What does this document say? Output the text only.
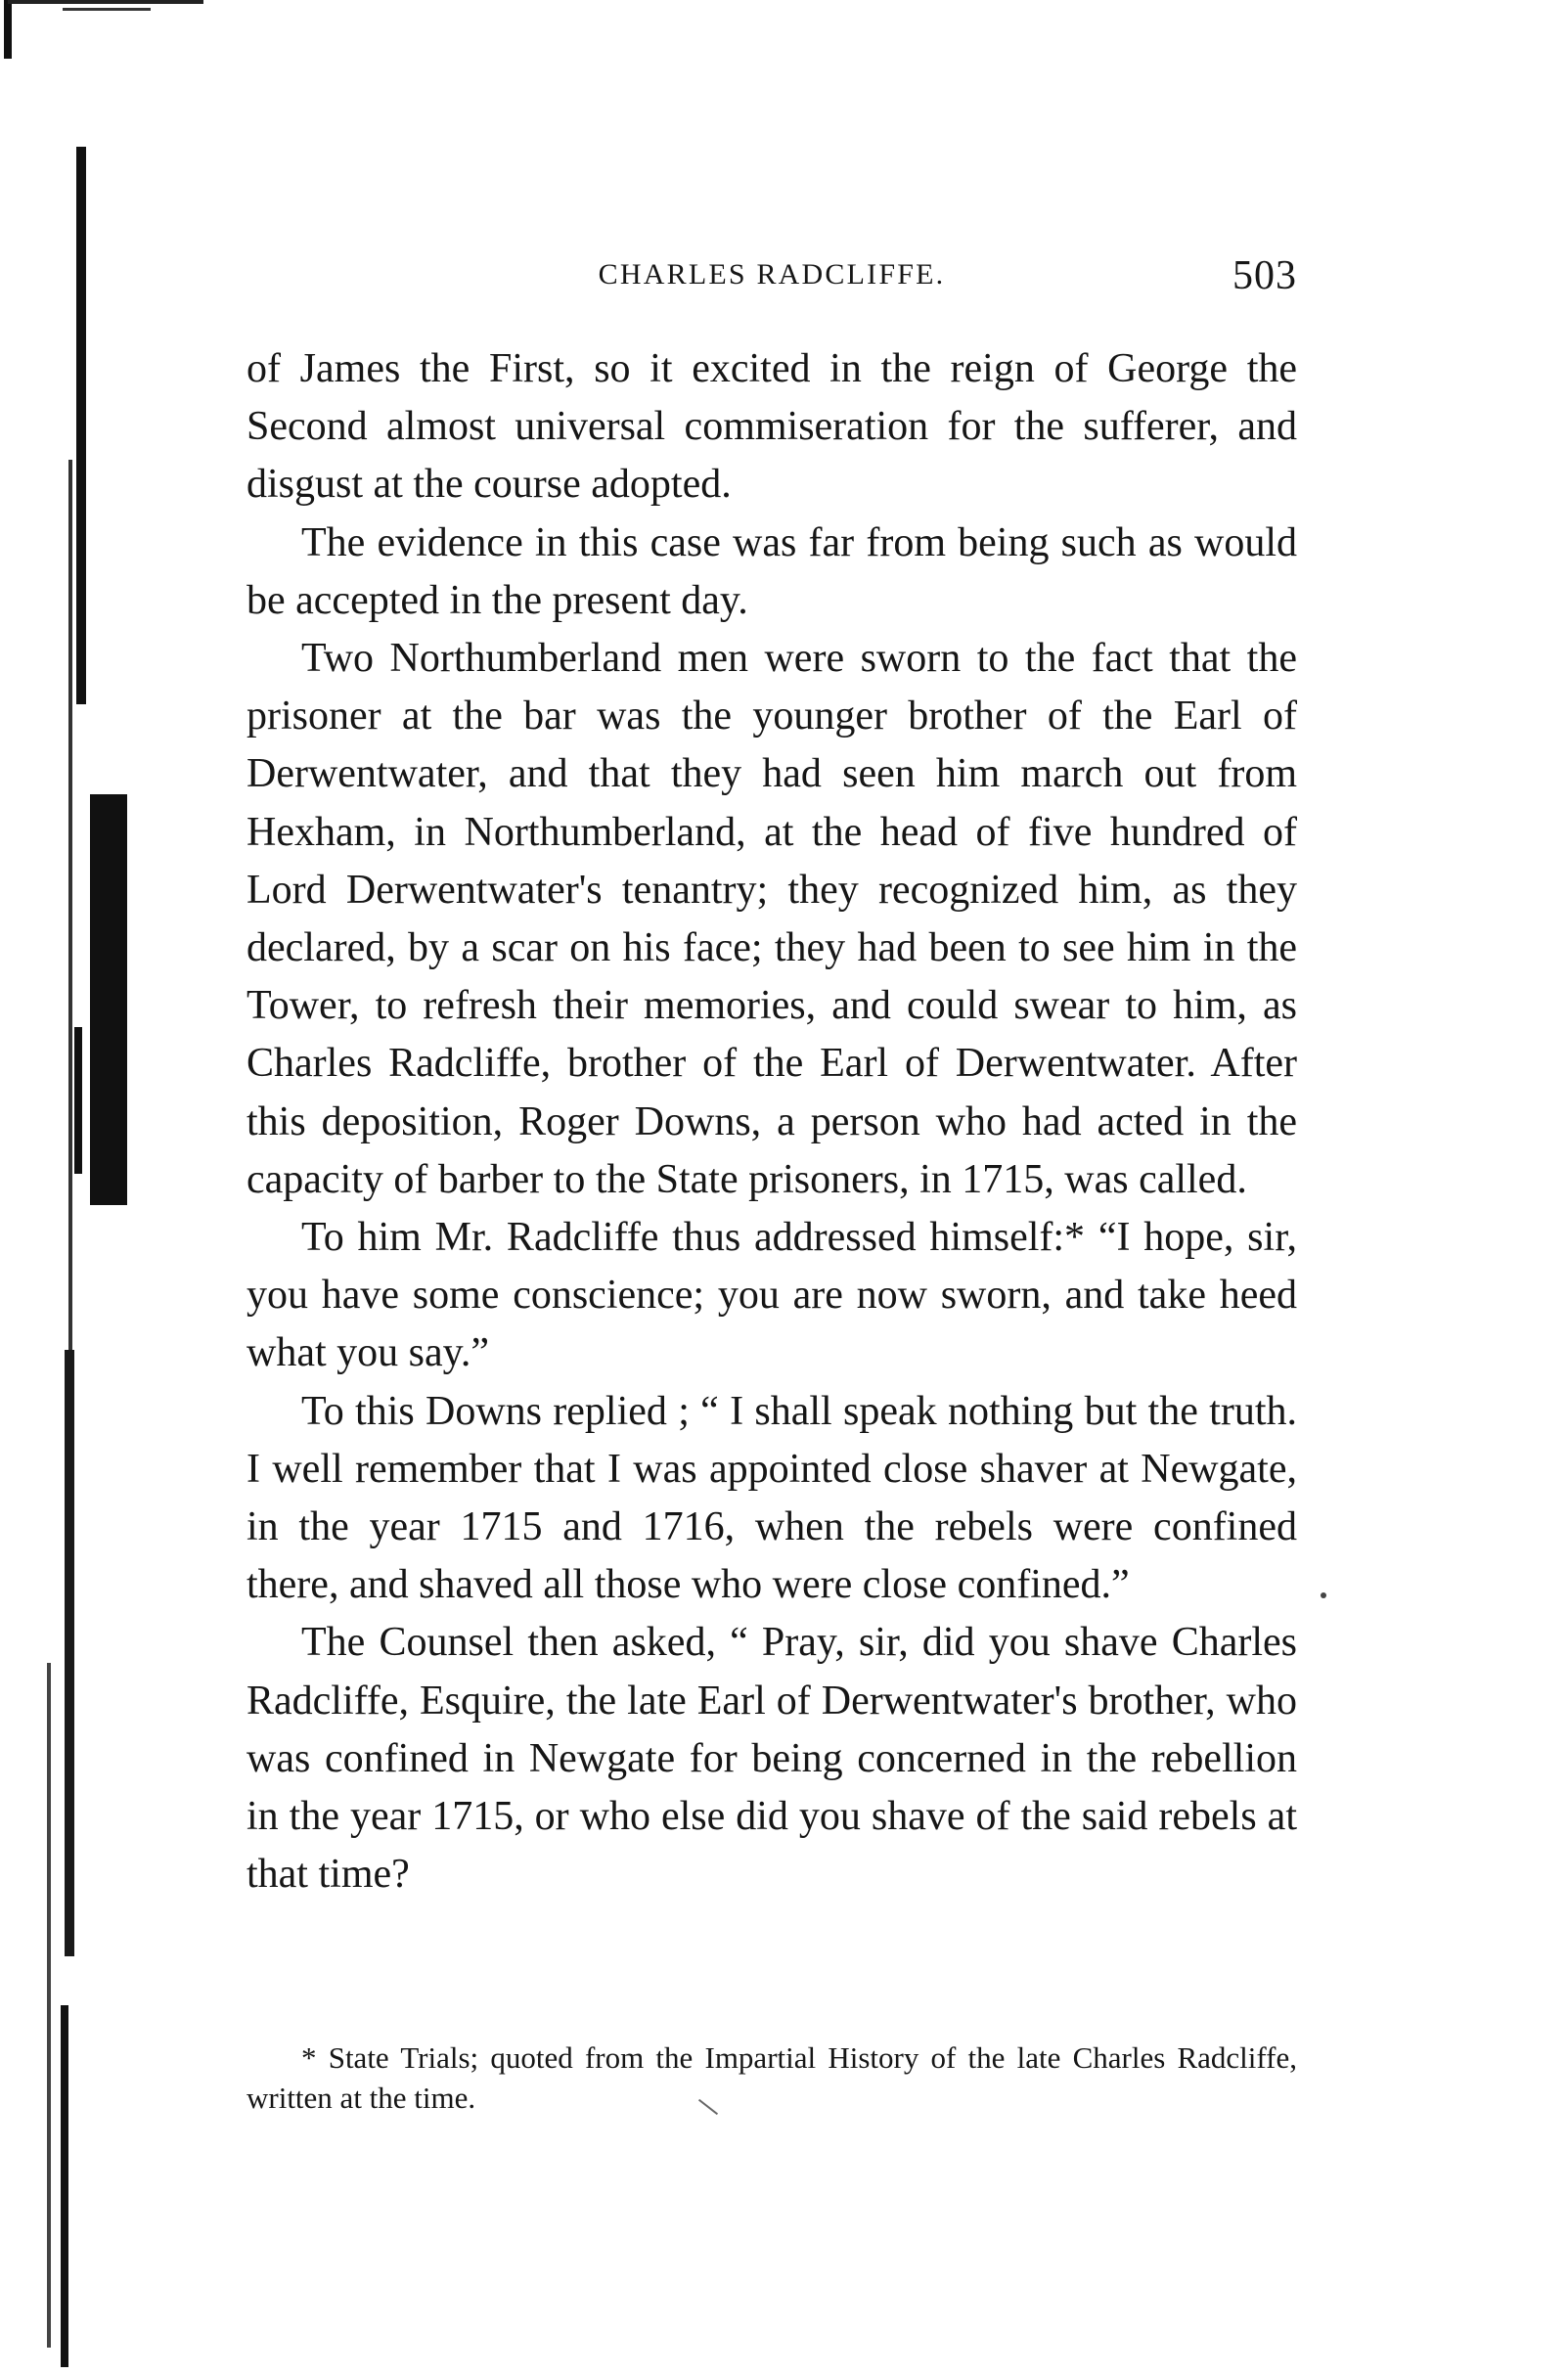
CHARLES RADCLIFFE.	503

of James the First, so it excited in the reign of George the Second almost universal commiseration for the sufferer, and disgust at the course adopted.

The evidence in this case was far from being such as would be accepted in the present day.

Two Northumberland men were sworn to the fact that the prisoner at the bar was the younger brother of the Earl of Derwentwater, and that they had seen him march out from Hexham, in Northumberland, at the head of five hundred of Lord Derwentwater's tenantry; they recognized him, as they declared, by a scar on his face; they had been to see him in the Tower, to refresh their memories, and could swear to him, as Charles Radcliffe, brother of the Earl of Derwentwater. After this deposition, Roger Downs, a person who had acted in the capacity of barber to the State prisoners, in 1715, was called.

To him Mr. Radcliffe thus addressed himself:* “I hope, sir, you have some conscience; you are now sworn, and take heed what you say.”

To this Downs replied ; “ I shall speak nothing but the truth. I well remember that I was appointed close shaver at Newgate, in the year 1715 and 1716, when the rebels were confined there, and shaved all those who were close confined.”

The Counsel then asked, “ Pray, sir, did you shave Charles Radcliffe, Esquire, the late Earl of Derwentwater's brother, who was confined in Newgate for being concerned in the rebellion in the year 1715, or who else did you shave of the said rebels at that time?

* State Trials; quoted from the Impartial History of the late Charles Radcliffe, written at the time.
